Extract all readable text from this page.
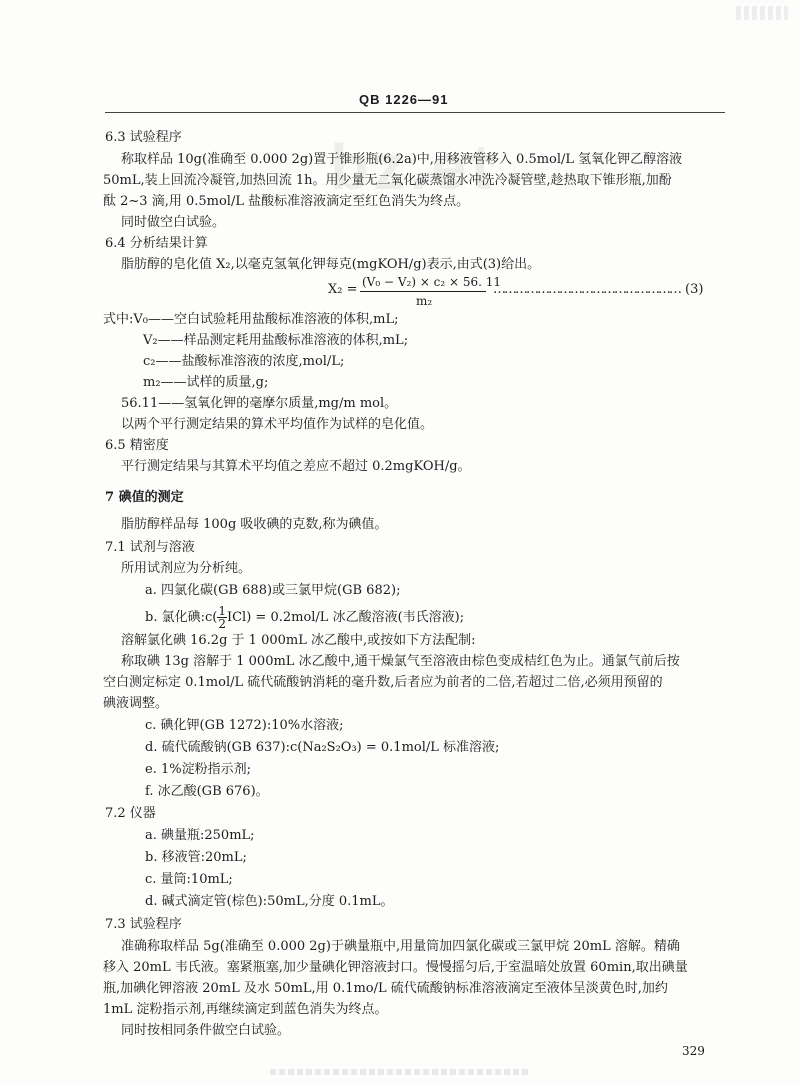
bz.et
QB 1226—91
6.3 试验程序
称取样品 10g(准确至 0.000 2g)置于锥形瓶(6.2a)中,用移液管移入 0.5mol/L 氢氧化钾乙醇溶液
50mL,装上回流冷凝管,加热回流 1h。用少量无二氧化碳蒸馏水冲洗冷凝管壁,趁热取下锥形瓶,加酚
酞 2~3 滴,用 0.5mol/L 盐酸标准溶液滴定至红色消失为终点。
同时做空白试验。
6.4 分析结果计算
脂肪醇的皂化值 X₂,以毫克氢氧化钾每克(mgKOH/g)表示,由式(3)给出。
X₂ = (V₀ − V₂) × c₂ × 56. 11
m₂
…………………………………………… (3)
式中:V₀——空白试验耗用盐酸标准溶液的体积,mL;
V₂——样品测定耗用盐酸标准溶液的体积,mL;
c₂——盐酸标准溶液的浓度,mol/L;
m₂——试样的质量,g;
56.11——氢氧化钾的毫摩尔质量,mg/m mol。
以两个平行测定结果的算术平均值作为试样的皂化值。
6.5 精密度
平行测定结果与其算术平均值之差应不超过 0.2mgKOH/g。
7 碘值的测定
脂肪醇样品每 100g 吸收碘的克数,称为碘值。
7.1 试剂与溶液
所用试剂应为分析纯。
a. 四氯化碳(GB 688)或三氯甲烷(GB 682);
b. 氯化碘:c( $\frac{1}{2} ICl) = 0.2mol/L$ 冰乙酸溶液(韦氏溶液);
溶解氯化碘 16.2g 于 1 000mL 冰乙酸中,或按如下方法配制:
称取碘 13g 溶解于 1 000mL 冰乙酸中,通干燥氯气至溶液由棕色变成桔红色为止。通氯气前后按
空白测定标定 0.1mol/L 硫代硫酸钠消耗的毫升数,后者应为前者的二倍,若超过二倍,必须用预留的
碘液调整。
c. 碘化钾(GB 1272):10%水溶液;
d. 硫代硫酸钠(GB 637):c(Na₂S₂O₃) = 0.1mol/L 标准溶液;
e. 1%淀粉指示剂;
f. 冰乙酸(GB 676)。
7.2 仪器
a. 碘量瓶:250mL;
b. 移液管:20mL;
c. 量筒:10mL;
d. 碱式滴定管(棕色):50mL,分度 0.1mL。
7.3 试验程序
准确称取样品 5g(准确至 0.000 2g)于碘量瓶中,用量筒加四氯化碳或三氯甲烷 20mL 溶解。精确
移入 20mL 韦氏液。塞紧瓶塞,加少量碘化钾溶液封口。慢慢摇匀后,于室温暗处放置 60min,取出碘量
瓶,加碘化钾溶液 20mL 及水 50mL,用 0.1mo/L 硫代硫酸钠标准溶液滴定至液体呈淡黄色时,加约
1mL 淀粉指示剂,再继续滴定到蓝色消失为终点。
同时按相同条件做空白试验。
329
